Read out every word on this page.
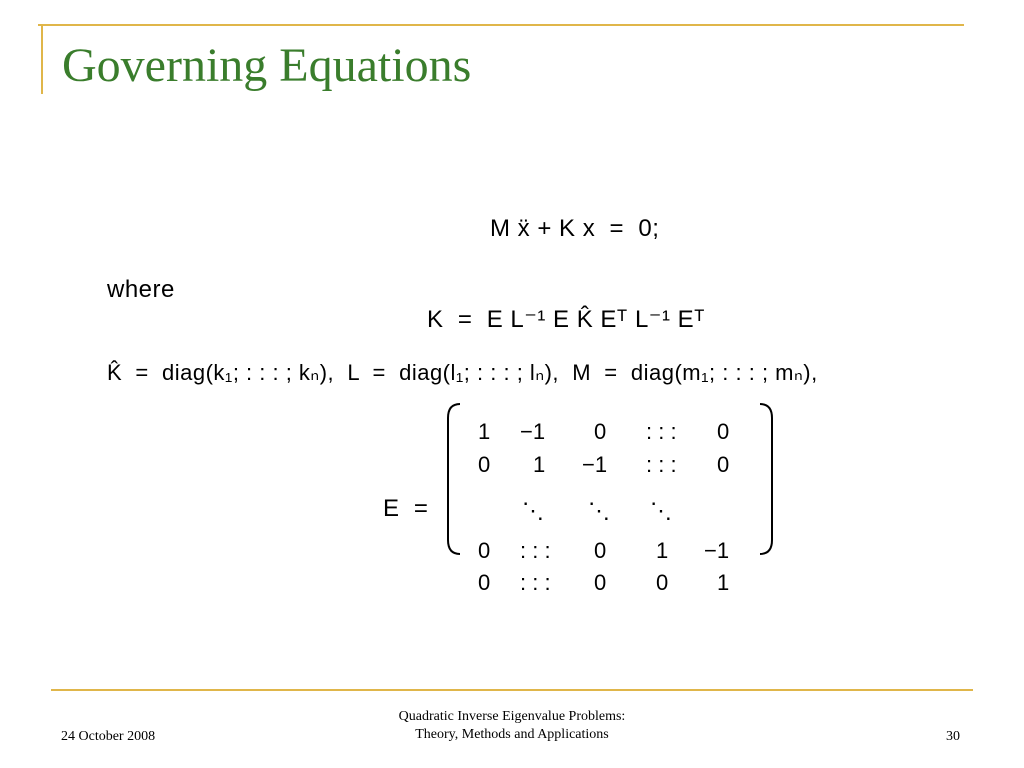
Governing Equations
M ẍ + K x  =  0;
where
K  =  E L⁻¹ E K̂ Eᵀ L⁻¹ Eᵀ
K̂  =  diag(k₁; : : : ; kₙ),  L  =  diag(l₁; : : : ; lₙ),  M  =  diag(m₁; : : : ; mₙ),
E  =
1 −1 0 : : : 0
0 1 −1 : : : 0
⋱ ⋱ ⋱
0 : : : 0 1 −1
0 : : : 0 0 1
24 October 2008
Quadratic Inverse Eigenvalue Problems:
Theory, Methods and Applications	30
